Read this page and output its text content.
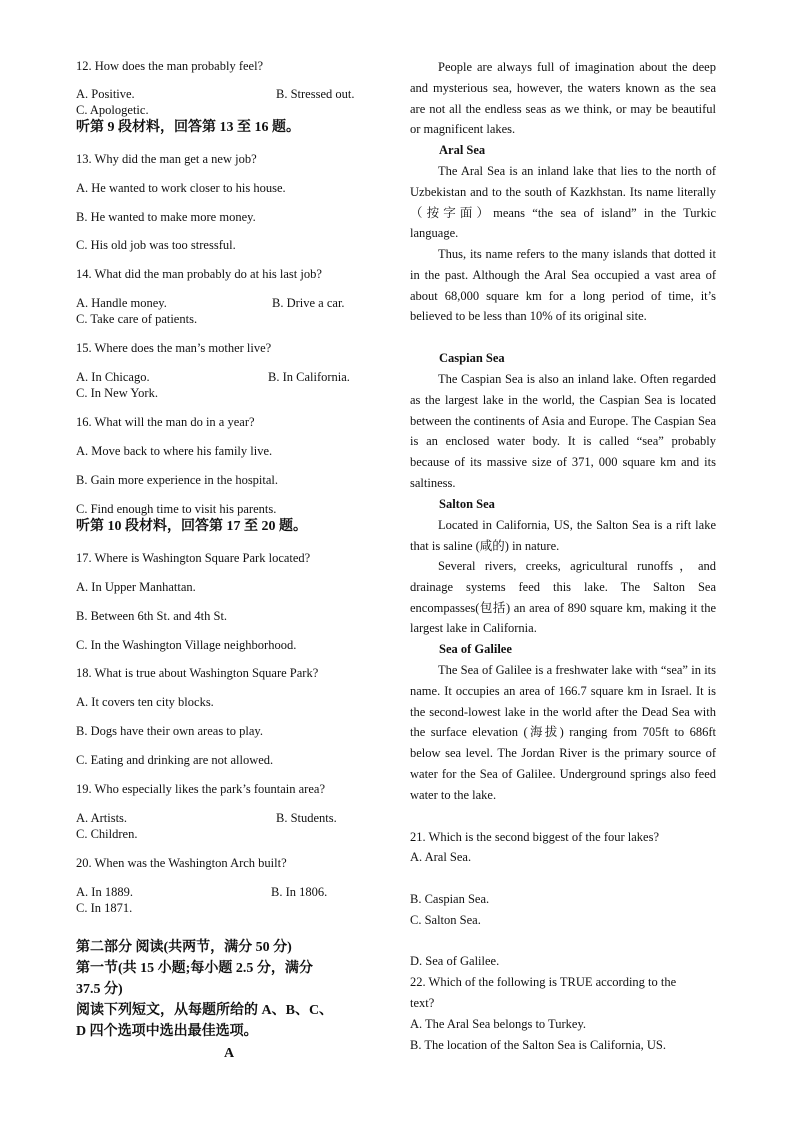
12. How does the man probably feel?
A. Positive.	B. Stressed out.
C. Apologetic.
听第 9 段材料，回答第 13 至 16 题。
13. Why did the man get a new job?
A. He wanted to work closer to his house.
B. He wanted to make more money.
C. His old job was too stressful.
14. What did the man probably do at his last job?
A. Handle money.	B. Drive a car.
C. Take care of patients.
15. Where does the man’s mother live?
A. In Chicago.	B. In California.
C. In New York.
16. What will the man do in a year?
A. Move back to where his family live.
B. Gain more experience in the hospital.
C. Find enough time to visit his parents.
听第 10 段材料，回答第 17 至 20 题。
17. Where is Washington Square Park located?
A. In Upper Manhattan.
B. Between 6th St. and 4th St.
C. In the Washington Village neighborhood.
18. What is true about Washington Square Park?
A. It covers ten city blocks.
B. Dogs have their own areas to play.
C. Eating and drinking are not allowed.
19. Who especially likes the park’s fountain area?
A. Artists.	B. Students.
C. Children.
20. When was the Washington Arch built?
A. In 1889.	B. In 1806.
C. In 1871.
第二部分 阅读(共两节，满分 50 分)
第一节(共 15 小题;每小题 2.5 分，满分
37.5 分)
阅读下列短文，从每题所给的 A、B、C、
D 四个选项中选出最佳选项。
A
People are always full of imagination about the deep and mysterious sea, however, the waters known as the sea are not all the endless seas as we think, or may be beautiful or magnificent lakes.
Aral Sea
The Aral Sea is an inland lake that lies to the north of Uzbekistan and to the south of Kazkhstan. Its name literally（按字面）means “the sea of island” in the Turkic language.
Thus, its name refers to the many islands that dotted it in the past. Although the Aral Sea occupied a vast area of about 68,000 square km for a long period of time, it’s believed to be less than 10% of its original site.
Caspian Sea
The Caspian Sea is also an inland lake. Often regarded as the largest lake in the world, the Caspian Sea is located between the continents of Asia and Europe. The Caspian Sea is an enclosed water body. It is called “sea” probably because of its massive size of 371, 000 square km and its saltiness.
Salton Sea
Located in California, US, the Salton Sea is a rift lake that is saline (咸的) in nature.
Several rivers, creeks, agricultural runoffs，and drainage systems feed this lake. The Salton Sea encompasses(包括) an area of 890 square km, making it the largest lake in California.
Sea of Galilee
The Sea of Galilee is a freshwater lake with “sea” in its name. It occupies an area of 166.7 square km in Israel. It is the second-lowest lake in the world after the Dead Sea with the surface elevation (海拔) ranging from 705ft to 686ft below sea level. The Jordan River is the primary source of water for the Sea of Galilee. Underground springs also feed water to the lake.
21. Which is the second biggest of the four lakes?
A. Aral Sea.
B. Caspian Sea.
C. Salton Sea.
D. Sea of Galilee.
22. Which of the following is TRUE according to the
text?
A. The Aral Sea belongs to Turkey.
B. The location of the Salton Sea is California, US.
